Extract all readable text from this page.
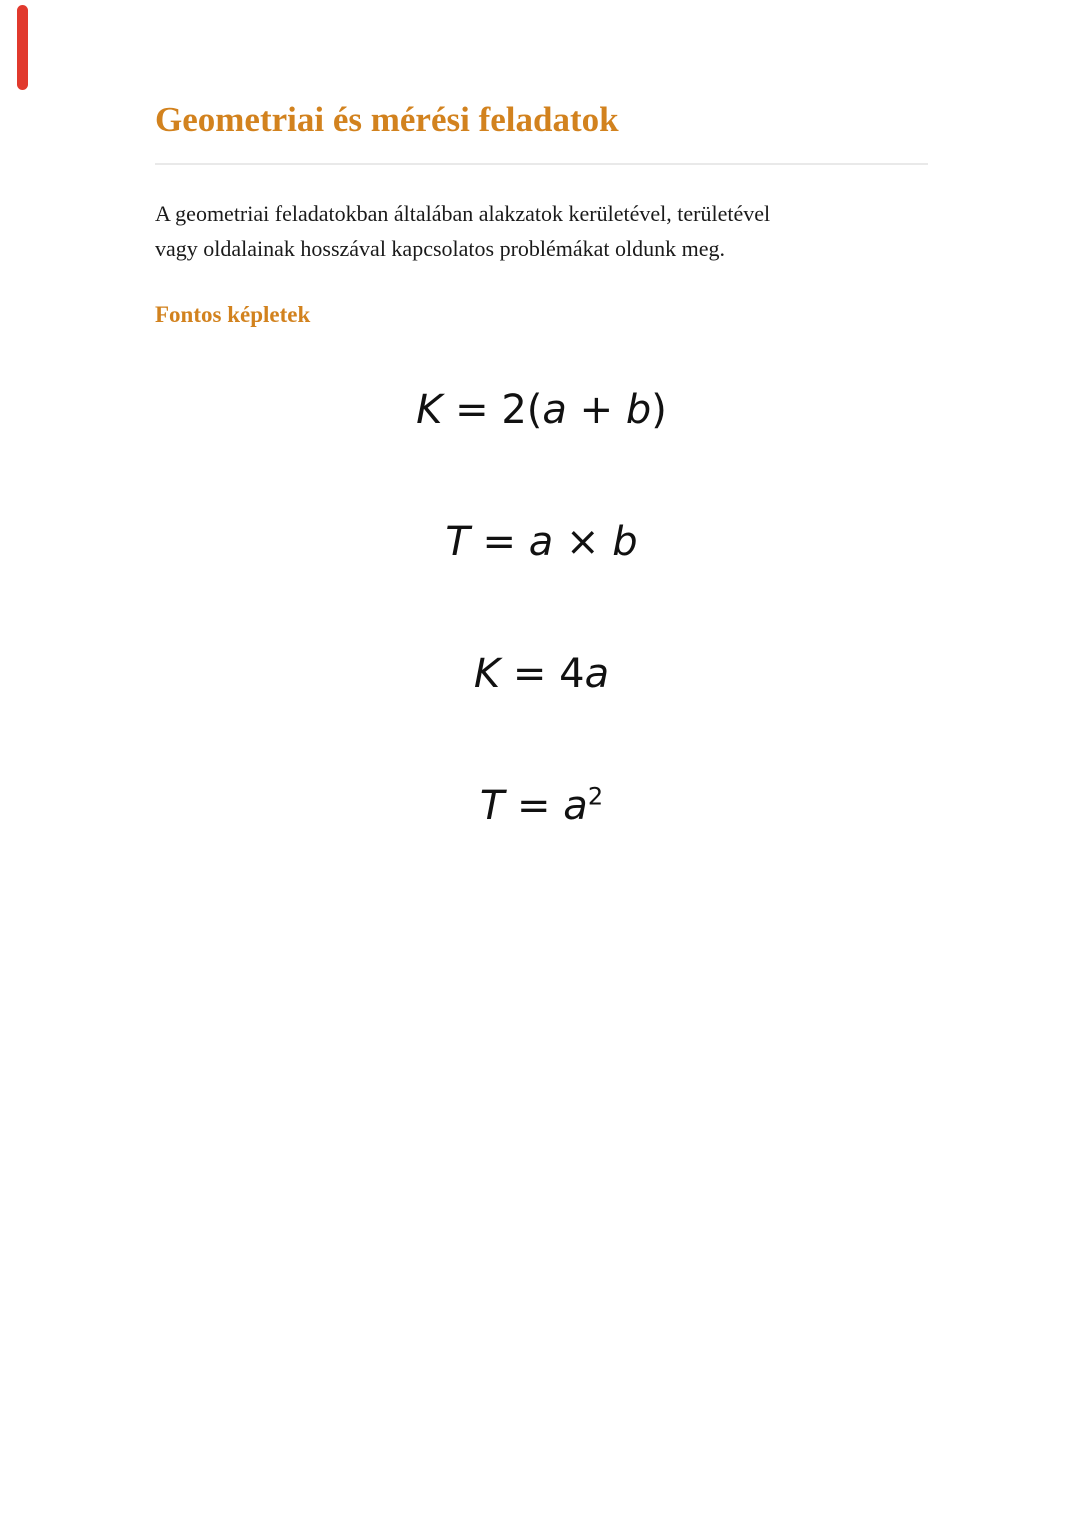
Geometriai és mérési feladatok

A geometriai feladatokban általában alakzatok kerületével, területével
vagy oldalainak hosszával kapcsolatos problémákat oldunk meg.

Fontos képletek
K = 2(a + b)
T = a × b
K = 4a
$T = a^2$
